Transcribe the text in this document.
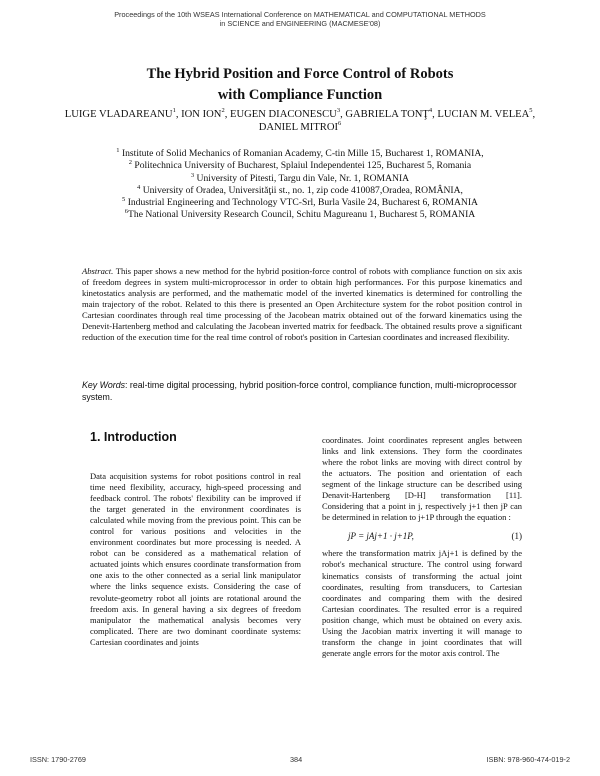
Proceedings of the 10th WSEAS International Conference on MATHEMATICAL and COMPUTATIONAL METHODS
in SCIENCE and ENGINEERING (MACMESE'08)
The Hybrid Position and Force Control of Robots
with Compliance Function
LUIGE VLADAREANU$^1$, ION ION$^2$, EUGEN DIACONESCU$^3$, GABRIELA TONŢ$^4$, LUCIAN M. VELEA$^5$, DANIEL MITROI$^6$
$^1$ Institute of Solid Mechanics of Romanian Academy, C-tin Mille 15, Bucharest 1, ROMANIA,
$^2$ Politechnica University of Bucharest, Splaiul Independentei 125, Bucharest 5, Romania
$^3$ University of Pitesti, Targu din Vale, Nr. 1, ROMANIA
$^4$ University of Oradea, Universităţii st., no. 1, zip code 410087,Oradea, ROMÂNIA,
$^5$ Industrial Engineering and Technology VTC-Srl, Burla Vasile 24, Bucharest 6, ROMANIA
$^6$The National University Research Council, Schitu Magureanu 1, Bucharest 5, ROMANIA
Abstract. This paper shows a new method for the hybrid position-force control of robots with compliance function on six axis of freedom degrees in system multi-microprocessor in order to obtain high performances. For this purpose kinematics and kinetostatics analysis are performed, and the mathematic model of the inverted kinematics is determined for controlling the main trajectory of the robot. Related to this there is presented an Open Architecture system for the robot position control in Cartesian coordinates through real time processing of the Jacobean matrix obtained out of the forward kinematics using the Denevit-Hartenberg method and calculating the Jacobean inverted matrix for feedback. The obtained results prove a significant reduction of the execution time for the real time control of robot's position in Cartesian coordinates and increased flexibility.
Key Words: real-time digital processing, hybrid position-force control, compliance function, multi-microprocessor system.
1. Introduction
Data acquisition systems for robot positions control in real time need flexibility, accuracy, high-speed processing and feedback control. The robots' flexibility can be improved if the target generated in the environment coordinates is calculated while moving from the previous point. This can be control for various positions and velocities in the environment coordinates but more processing is needed. A robot can be considered as a mathematical relation of actuated joints which ensures coordinate transformation from one axis to the other connected as a serial link manipulator where the links sequence exists. Considering the case of revolute-geometry robot all joints are rotational around the freedom axis. In general having a six degrees of freedom manipulator the mathematical analysis becomes very complicated. There are two dominant coordinate systems: Cartesian coordinates and joints
coordinates. Joint coordinates represent angles between links and link extensions. They form the coordinates where the robot links are moving with direct control by the actuators. The position and orientation of each segment of the linkage structure can be described using Denavit-Hartenberg [D-H] transformation [11]. Considering that a point in j, respectively j+1 then jP can be determined in relation to j+1P through the equation :
jP = jAj+1 · j+1P,	(1)
where the transformation matrix jAj+1 is defined by the robot's mechanical structure. The control using forward kinematics consists of transforming the actual joint coordinates, resulting from transducers, to Cartesian coordinates and comparing them with the desired Cartesian coordinates. The resulted error is a required position change, which must be obtained on every axis. Using the Jacobian matrix inverting it will manage to transform the change in joint coordinates that will generate angle errors for the motor axis control. The
ISSN: 1790-2769	384	ISBN: 978-960-474-019-2
